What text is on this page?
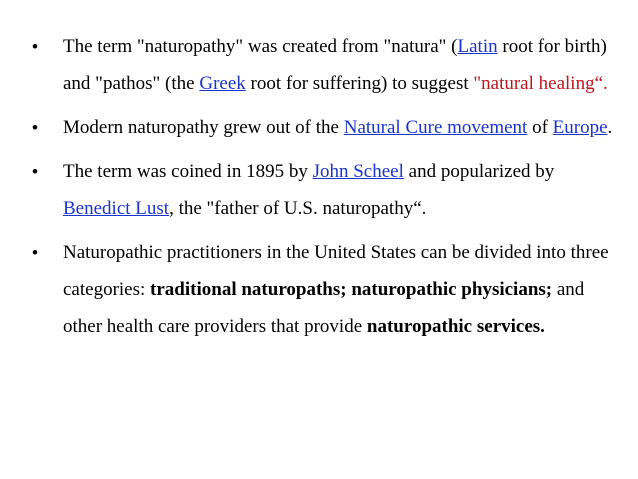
• The term "naturopathy" was created from "natura" (Latin root for birth) and "pathos" (the Greek root for suffering) to suggest "natural healing“.
• Modern naturopathy grew out of the Natural Cure movement of Europe.
• The term was coined in 1895 by John Scheel and popularized by Benedict Lust, the "father of U.S. naturopathy“.
• Naturopathic practitioners in the United States can be divided into three categories: traditional naturopaths; naturopathic physicians; and other health care providers that provide naturopathic services.
